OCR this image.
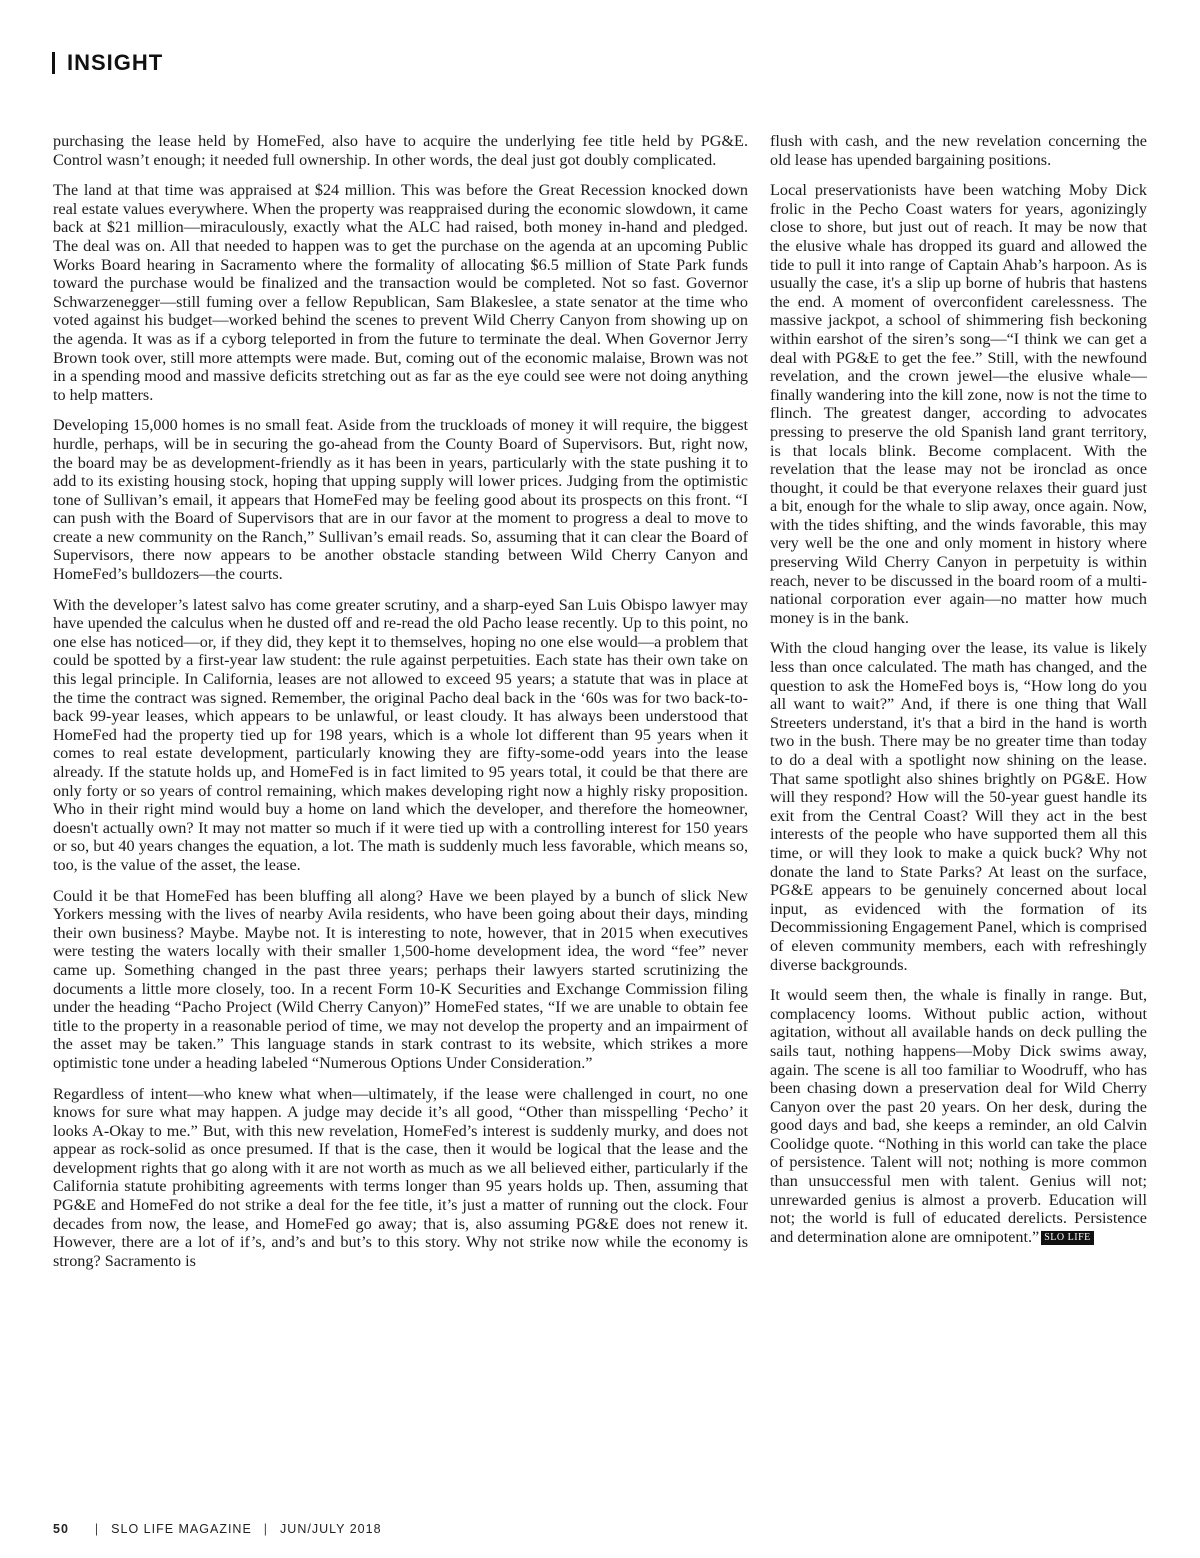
INSIGHT

purchasing the lease held by HomeFed, also have to acquire the underlying fee title held by PG&E. Control wasn’t enough; it needed full ownership. In other words, the deal just got doubly complicated.

The land at that time was appraised at $24 million. This was before the Great Recession knocked down real estate values everywhere. When the property was reappraised during the economic slowdown, it came back at $21 million—miraculously, exactly what the ALC had raised, both money in-hand and pledged. The deal was on. All that needed to happen was to get the purchase on the agenda at an upcoming Public Works Board hearing in Sacramento where the formality of allocating $6.5 million of State Park funds toward the purchase would be finalized and the transaction would be completed. Not so fast. Governor Schwarzenegger—still fuming over a fellow Republican, Sam Blakeslee, a state senator at the time who voted against his budget—worked behind the scenes to prevent Wild Cherry Canyon from showing up on the agenda. It was as if a cyborg teleported in from the future to terminate the deal. When Governor Jerry Brown took over, still more attempts were made. But, coming out of the economic malaise, Brown was not in a spending mood and massive deficits stretching out as far as the eye could see were not doing anything to help matters.

Developing 15,000 homes is no small feat. Aside from the truckloads of money it will require, the biggest hurdle, perhaps, will be in securing the go-ahead from the County Board of Supervisors. But, right now, the board may be as development-friendly as it has been in years, particularly with the state pushing it to add to its existing housing stock, hoping that upping supply will lower prices. Judging from the optimistic tone of Sullivan’s email, it appears that HomeFed may be feeling good about its prospects on this front. “I can push with the Board of Supervisors that are in our favor at the moment to progress a deal to move to create a new community on the Ranch,” Sullivan’s email reads. So, assuming that it can clear the Board of Supervisors, there now appears to be another obstacle standing between Wild Cherry Canyon and HomeFed’s bulldozers—the courts.

With the developer’s latest salvo has come greater scrutiny, and a sharp-eyed San Luis Obispo lawyer may have upended the calculus when he dusted off and re-read the old Pacho lease recently. Up to this point, no one else has noticed—or, if they did, they kept it to themselves, hoping no one else would—a problem that could be spotted by a first-year law student: the rule against perpetuities. Each state has their own take on this legal principle. In California, leases are not allowed to exceed 95 years; a statute that was in place at the time the contract was signed. Remember, the original Pacho deal back in the ‘60s was for two back-to-back 99-year leases, which appears to be unlawful, or least cloudy. It has always been understood that HomeFed had the property tied up for 198 years, which is a whole lot different than 95 years when it comes to real estate development, particularly knowing they are fifty-some-odd years into the lease already. If the statute holds up, and HomeFed is in fact limited to 95 years total, it could be that there are only forty or so years of control remaining, which makes developing right now a highly risky proposition. Who in their right mind would buy a home on land which the developer, and therefore the homeowner, doesn't actually own? It may not matter so much if it were tied up with a controlling interest for 150 years or so, but 40 years changes the equation, a lot. The math is suddenly much less favorable, which means so, too, is the value of the asset, the lease.

Could it be that HomeFed has been bluffing all along? Have we been played by a bunch of slick New Yorkers messing with the lives of nearby Avila residents, who have been going about their days, minding their own business? Maybe. Maybe not. It is interesting to note, however, that in 2015 when executives were testing the waters locally with their smaller 1,500-home development idea, the word “fee” never came up. Something changed in the past three years; perhaps their lawyers started scrutinizing the documents a little more closely, too. In a recent Form 10-K Securities and Exchange Commission filing under the heading “Pacho Project (Wild Cherry Canyon)” HomeFed states, “If we are unable to obtain fee title to the property in a reasonable period of time, we may not develop the property and an impairment of the asset may be taken.” This language stands in stark contrast to its website, which strikes a more optimistic tone under a heading labeled “Numerous Options Under Consideration.”

Regardless of intent—who knew what when—ultimately, if the lease were challenged in court, no one knows for sure what may happen. A judge may decide it’s all good, “Other than misspelling ‘Pecho’ it looks A-Okay to me.” But, with this new revelation, HomeFed’s interest is suddenly murky, and does not appear as rock-solid as once presumed. If that is the case, then it would be logical that the lease and the development rights that go along with it are not worth as much as we all believed either, particularly if the California statute prohibiting agreements with terms longer than 95 years holds up. Then, assuming that PG&E and HomeFed do not strike a deal for the fee title, it’s just a matter of running out the clock. Four decades from now, the lease, and HomeFed go away; that is, also assuming PG&E does not renew it. However, there are a lot of if’s, and’s and but’s to this story. Why not strike now while the economy is strong? Sacramento is

flush with cash, and the new revelation concerning the old lease has upended bargaining positions.

Local preservationists have been watching Moby Dick frolic in the Pecho Coast waters for years, agonizingly close to shore, but just out of reach. It may be now that the elusive whale has dropped its guard and allowed the tide to pull it into range of Captain Ahab’s harpoon. As is usually the case, it's a slip up borne of hubris that hastens the end. A moment of overconfident carelessness. The massive jackpot, a school of shimmering fish beckoning within earshot of the siren’s song—“I think we can get a deal with PG&E to get the fee.” Still, with the newfound revelation, and the crown jewel—the elusive whale—finally wandering into the kill zone, now is not the time to flinch. The greatest danger, according to advocates pressing to preserve the old Spanish land grant territory, is that locals blink. Become complacent. With the revelation that the lease may not be ironclad as once thought, it could be that everyone relaxes their guard just a bit, enough for the whale to slip away, once again. Now, with the tides shifting, and the winds favorable, this may very well be the one and only moment in history where preserving Wild Cherry Canyon in perpetuity is within reach, never to be discussed in the board room of a multi-national corporation ever again—no matter how much money is in the bank.

With the cloud hanging over the lease, its value is likely less than once calculated. The math has changed, and the question to ask the HomeFed boys is, “How long do you all want to wait?” And, if there is one thing that Wall Streeters understand, it's that a bird in the hand is worth two in the bush. There may be no greater time than today to do a deal with a spotlight now shining on the lease. That same spotlight also shines brightly on PG&E. How will they respond? How will the 50-year guest handle its exit from the Central Coast? Will they act in the best interests of the people who have supported them all this time, or will they look to make a quick buck? Why not donate the land to State Parks? At least on the surface, PG&E appears to be genuinely concerned about local input, as evidenced with the formation of its Decommissioning Engagement Panel, which is comprised of eleven community members, each with refreshingly diverse backgrounds.

It would seem then, the whale is finally in range. But, complacency looms. Without public action, without agitation, without all available hands on deck pulling the sails taut, nothing happens—Moby Dick swims away, again. The scene is all too familiar to Woodruff, who has been chasing down a preservation deal for Wild Cherry Canyon over the past 20 years. On her desk, during the good days and bad, she keeps a reminder, an old Calvin Coolidge quote. “Nothing in this world can take the place of persistence. Talent will not; nothing is more common than unsuccessful men with talent. Genius will not; unrewarded genius is almost a proverb. Education will not; the world is full of educated derelicts. Persistence and determination alone are omnipotent.” SLO LIFE

50 | SLO LIFE MAGAZINE | JUN/JULY 2018
